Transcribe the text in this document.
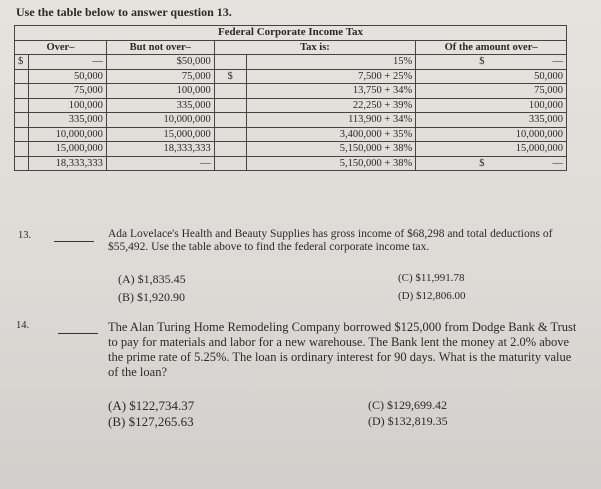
Use the table below to answer question 13.
Federal Corporate Income Tax					
Over–		But not over–	Tax is:		Of the amount over–
$	—	$50,000		15%	$ —
	50,000	75,000	$	7,500 + 25%	50,000
	75,000	100,000		13,750 + 34%	75,000
	100,000	335,000		22,250 + 39%	100,000
	335,000	10,000,000		113,900 + 34%	335,000
	10,000,000	15,000,000		3,400,000 + 35%	10,000,000
	15,000,000	18,333,333		5,150,000 + 38%	15,000,000
	18,333,333	—		5,150,000 + 38%	$ —
13.	Ada Lovelace's Health and Beauty Supplies has gross income of $68,298 and total deductions of $55,492. Use the table above to find the federal corporate income tax.
(A) $1,835.45
(B) $1,920.90
(C) $11,991.78
(D) $12,806.00
14.	The Alan Turing Home Remodeling Company borrowed $125,000 from Dodge Bank & Trust to pay for materials and labor for a new warehouse. The Bank lent the money at 2.0% above the prime rate of 5.25%. The loan is ordinary interest for 90 days. What is the maturity value of the loan?
(A) $122,734.37
(B) $127,265.63
(C) $129,699.42
(D) $132,819.35
